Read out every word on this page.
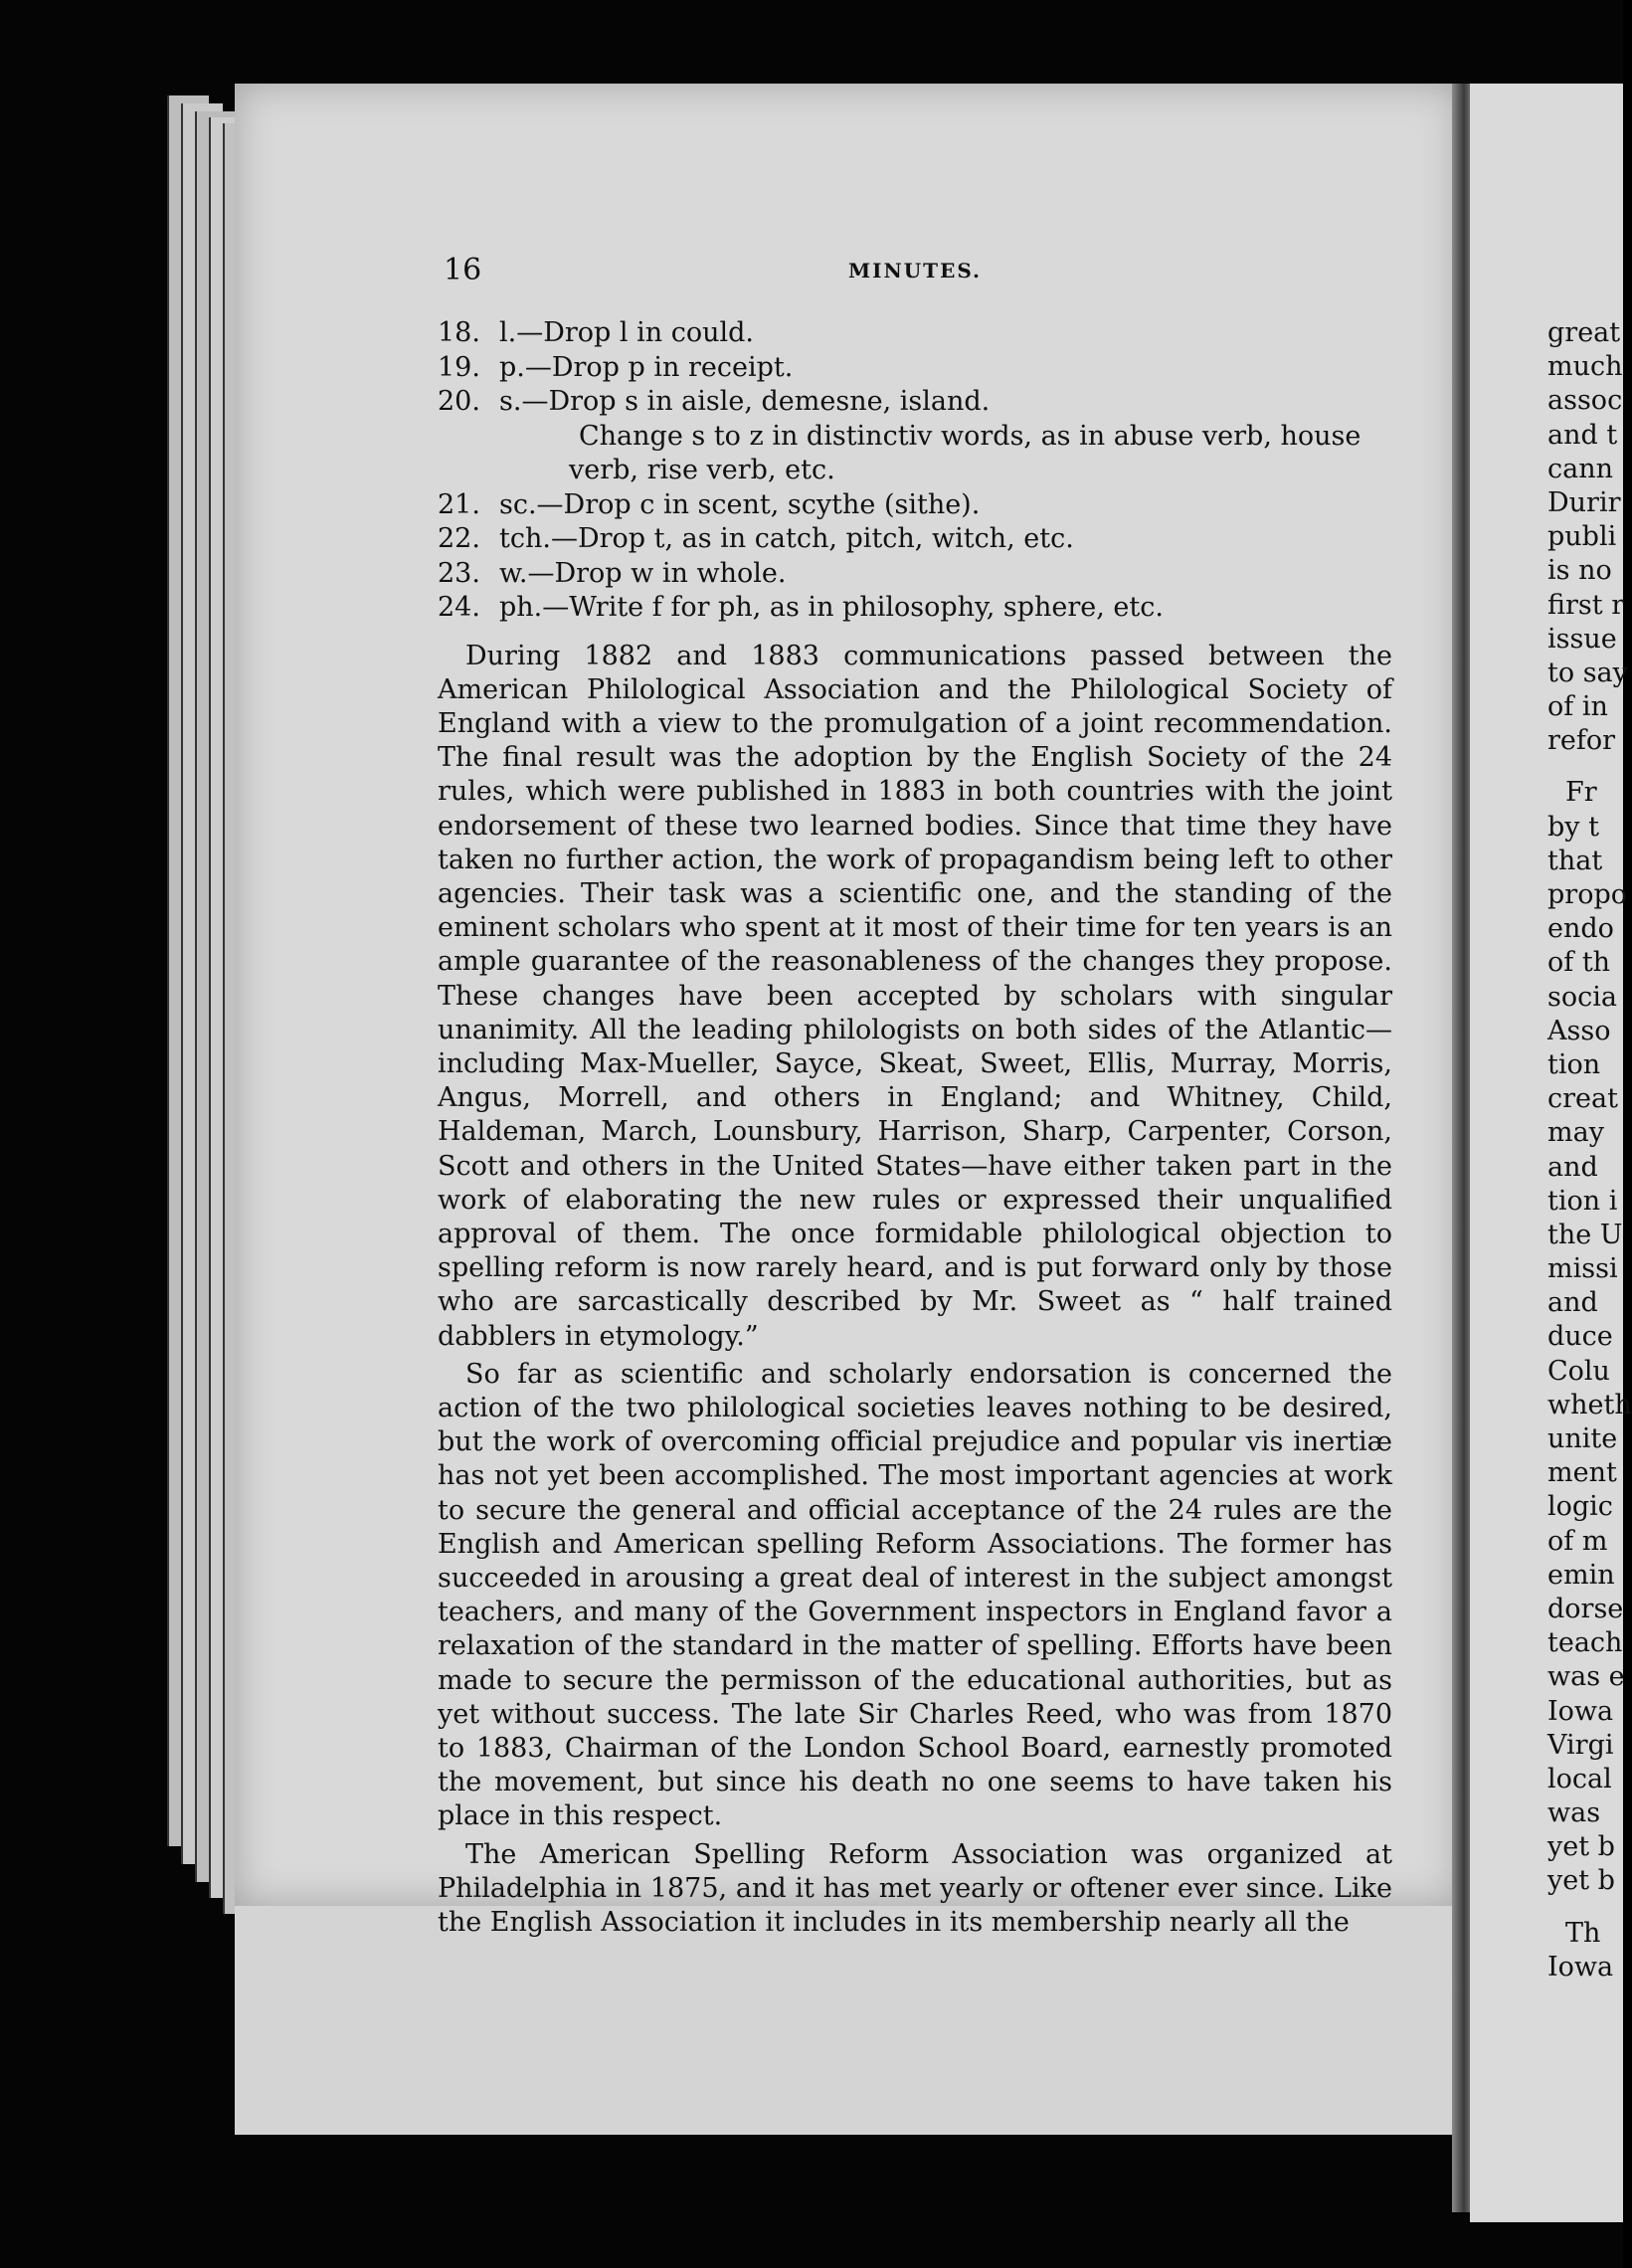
16	MINUTES.
18. l.—Drop l in could.
19. p.—Drop p in receipt.
20. s.—Drop s in aisle, demesne, island.
Change s to z in distinctiv words, as in abuse verb, house
verb, rise verb, etc.
21. sc.—Drop c in scent, scythe (sithe).
22. tch.—Drop t, as in catch, pitch, witch, etc.
23. w.—Drop w in whole.
24. ph.—Write f for ph, as in philosophy, sphere, etc.

During 1882 and 1883 communications passed between the American Philological Association and the Philological Society of England with a view to the promulgation of a joint recommendation. The final result was the adoption by the English Society of the 24 rules, which were published in 1883 in both countries with the joint endorsement of these two learned bodies. Since that time they have taken no further action, the work of propagandism being left to other agencies. Their task was a scientific one, and the standing of the eminent scholars who spent at it most of their time for ten years is an ample guarantee of the reasonableness of the changes they propose. These changes have been accepted by scholars with singular unanimity. All the leading philologists on both sides of the Atlantic—including Max-Mueller, Sayce, Skeat, Sweet, Ellis, Murray, Morris, Angus, Morrell, and others in England; and Whitney, Child, Haldeman, March, Lounsbury, Harrison, Sharp, Carpenter, Corson, Scott and others in the United States—have either taken part in the work of elaborating the new rules or expressed their unqualified approval of them. The once formidable philological objection to spelling reform is now rarely heard, and is put forward only by those who are sarcastically described by Mr. Sweet as “ half trained dabblers in etymology.”

So far as scientific and scholarly endorsation is concerned the action of the two philological societies leaves nothing to be desired, but the work of overcoming official prejudice and popular vis inertiæ has not yet been accomplished. The most important agencies at work to secure the general and official acceptance of the 24 rules are the English and American spelling Reform Associations. The former has succeeded in arousing a great deal of interest in the subject amongst teachers, and many of the Government inspectors in England favor a relaxation of the standard in the matter of spelling. Efforts have been made to secure the permisson of the educational authorities, but as yet without success. The late Sir Charles Reed, who was from 1870 to 1883, Chairman of the London School Board, earnestly promoted the movement, but since his death no one seems to have taken his place in this respect.

The American Spelling Reform Association was organized at Philadelphia in 1875, and it has met yearly or oftener ever since. Like the English Association it includes in its membership nearly all the

great
much
assoc
and t
cann
Durir
publi
is no
first r
issue
to say
of in
refor
Fr
by t
that
propo
endo
of th
socia
Asso
tion
creat
may
and
tion i
the U
missi
and
duce
Colu
wheth
unite
ment
logic
of m
emin
dorse
teach
was e
Iowa
Virgi
local
was
yet b
yet b
Th
Iowa
